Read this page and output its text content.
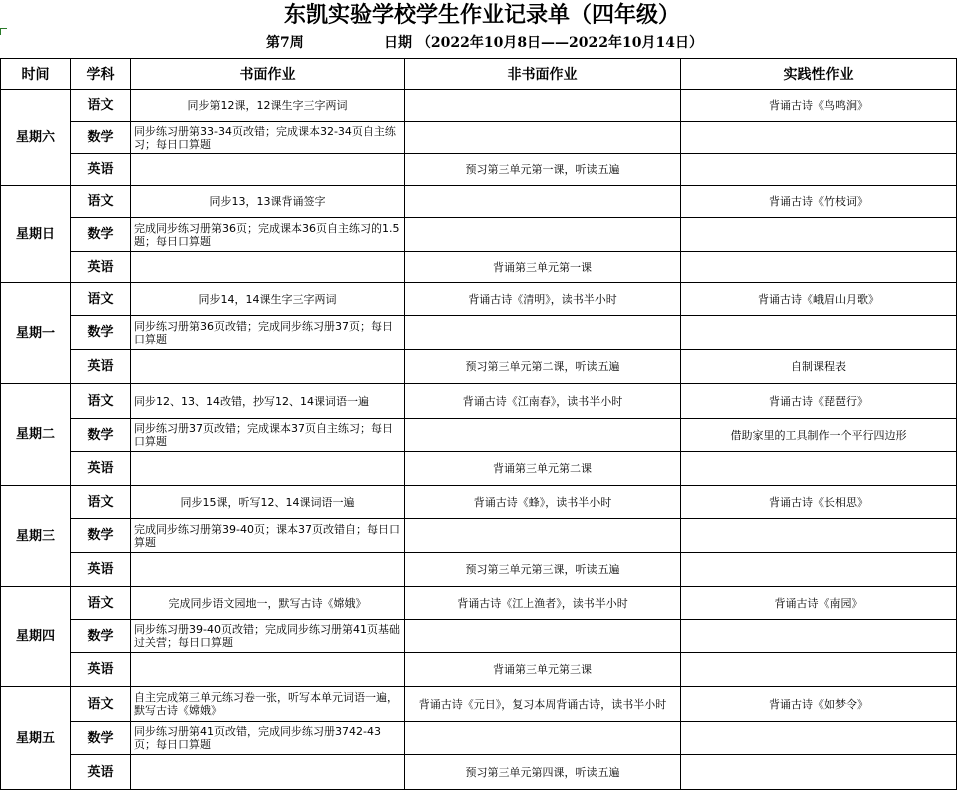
东凯实验学校学生作业记录单（四年级）
第7周	日期 （2022年10月8日——2022年10月14日）
时间	学科	书面作业	非书面作业	实践性作业
星期六	语文	同步第12课，12课生字三字两词		背诵古诗《鸟鸣涧》
	数学	同步练习册第33-34页改错；完成课本32-34页自主练习；每日口算题		
	英语		预习第三单元第一课，听读五遍	
星期日	语文	同步13，13课背诵签字		背诵古诗《竹枝词》
	数学	完成同步练习册第36页；完成课本36页自主练习的1.5题；每日口算题		
	英语		背诵第三单元第一课	
星期一	语文	同步14，14课生字三字两词	背诵古诗《清明》，读书半小时	背诵古诗《峨眉山月歌》
	数学	同步练习册第36页改错；完成同步练习册37页；每日口算题		
	英语		预习第三单元第二课，听读五遍	自制课程表
星期二	语文	同步12、13、14改错，抄写12、14课词语一遍	背诵古诗《江南春》，读书半小时	背诵古诗《琵琶行》
	数学	同步练习册37页改错；完成课本37页自主练习；每日口算题		借助家里的工具制作一个平行四边形
	英语		背诵第三单元第二课	
星期三	语文	同步15课，听写12、14课词语一遍	背诵古诗《蜂》，读书半小时	背诵古诗《长相思》
	数学	完成同步练习册第39-40页；课本37页改错自；每日口算题		
	英语		预习第三单元第三课，听读五遍	
星期四	语文	完成同步语文园地一，默写古诗《嫦娥》	背诵古诗《江上渔者》，读书半小时	背诵古诗《南园》
	数学	同步练习册39-40页改错；完成同步练习册第41页基础过关营；每日口算题		
	英语		背诵第三单元第三课	
星期五	语文	自主完成第三单元练习卷一张，听写本单元词语一遍，默写古诗《嫦娥》	背诵古诗《元日》，复习本周背诵古诗，读书半小时	背诵古诗《如梦令》
	数学	同步练习册第41页改错，完成同步练习册3742-43页；每日口算题		
	英语		预习第三单元第四课，听读五遍	
